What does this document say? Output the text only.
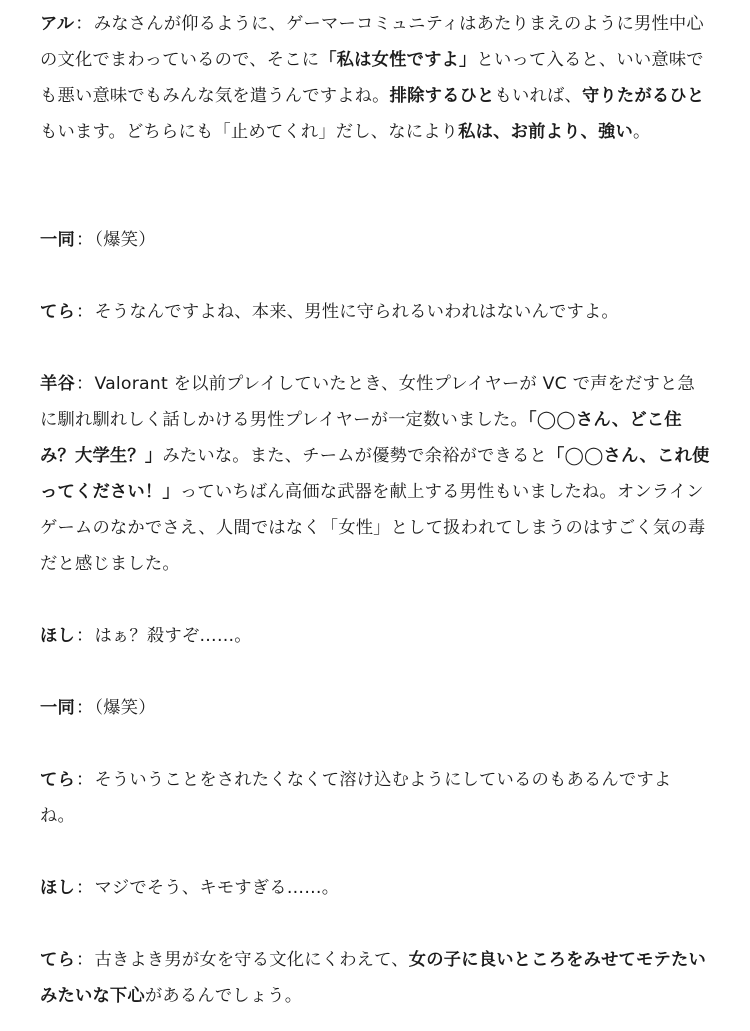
アル：みなさんが仰るように、ゲーマーコミュニティはあたりまえのように男性中心の文化でまわっているので、そこに「私は女性ですよ」といって入ると、いい意味でも悪い意味でもみんな気を遣うんですよね。排除するひともいれば、守りたがるひともいます。どちらにも「止めてくれ」だし、なにより私は、お前より、強い。

一同：（爆笑）

てら：そうなんですよね、本来、男性に守られるいわれはないんですよ。

羊谷：Valorant を以前プレイしていたとき、女性プレイヤーが VC で声をだすと急に馴れ馴れしく話しかける男性プレイヤーが一定数いました。「◯◯さん、どこ住み？大学生？」みたいな。また、チームが優勢で余裕ができると「◯◯さん、これ使ってください！」っていちばん高価な武器を献上する男性もいましたね。オンラインゲームのなかでさえ、人間ではなく「女性」として扱われてしまうのはすごく気の毒だと感じました。

ほし：はぁ？殺すぞ……。

一同：（爆笑）

てら：そういうことをされたくなくて溶け込むようにしているのもあるんですよね。

ほし：マジでそう、キモすぎる……。

てら：古きよき男が女を守る文化にくわえて、女の子に良いところをみせてモテたいみたいな下心があるんでしょう。
